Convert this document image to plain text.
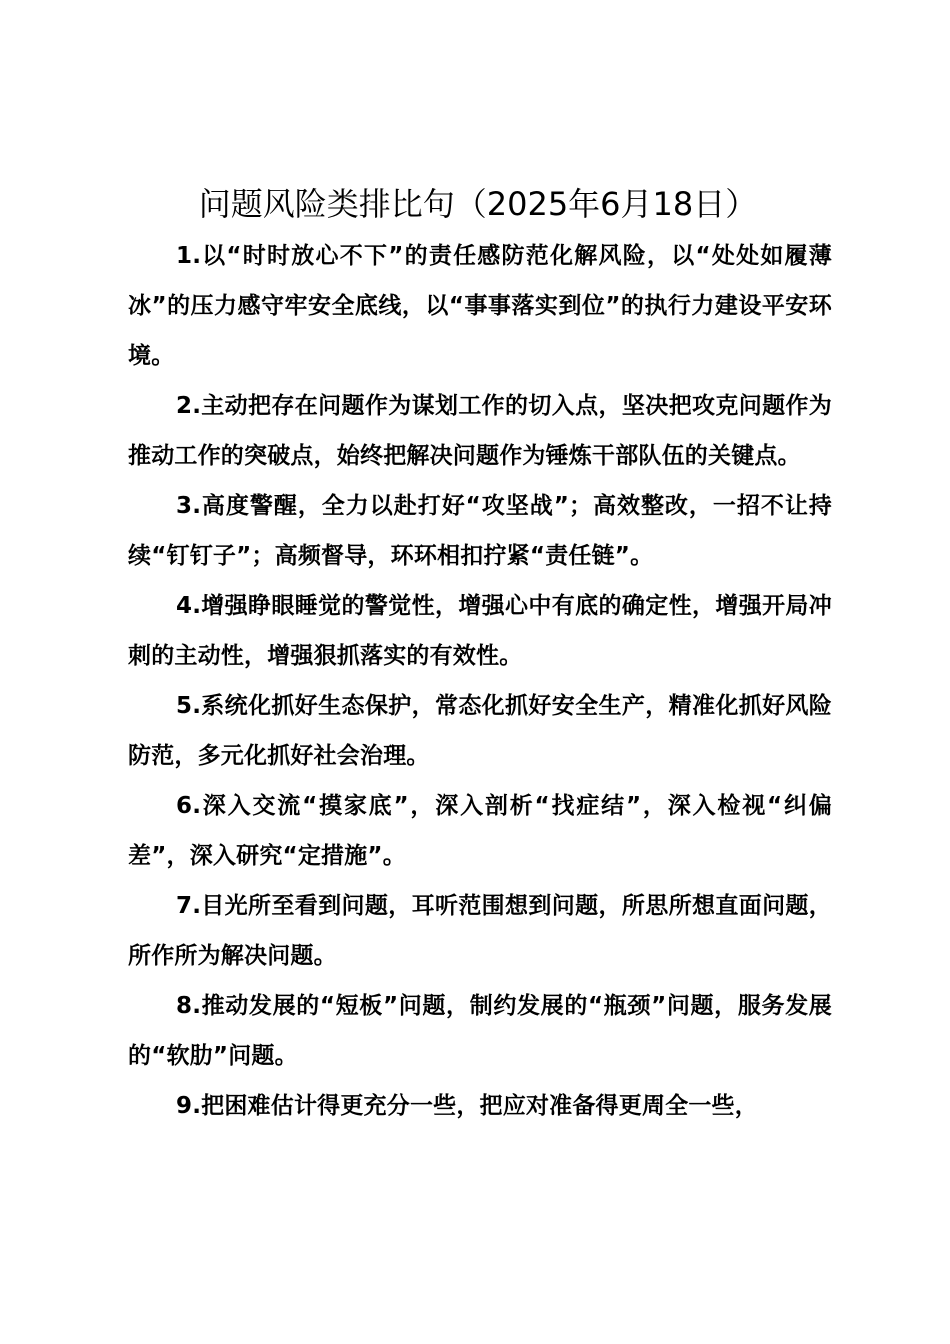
问题风险类排比句（2025年6月18日）

1.以“时时放心不下”的责任感防范化解风险，以“处处如履薄冰”的压力感守牢安全底线，以“事事落实到位”的执行力建设平安环境。

2.主动把存在问题作为谋划工作的切入点，坚决把攻克问题作为推动工作的突破点，始终把解决问题作为锤炼干部队伍的关键点。

3.高度警醒，全力以赴打好“攻坚战”；高效整改，一招不让持续“钉钉子”；高频督导，环环相扣拧紧“责任链”。

4.增强睁眼睡觉的警觉性，增强心中有底的确定性，增强开局冲刺的主动性，增强狠抓落实的有效性。

5.系统化抓好生态保护，常态化抓好安全生产，精准化抓好风险防范，多元化抓好社会治理。

6.深入交流“摸家底”，深入剖析“找症结”，深入检视“纠偏差”，深入研究“定措施”。

7.目光所至看到问题，耳听范围想到问题，所思所想直面问题，所作所为解决问题。

8.推动发展的“短板”问题，制约发展的“瓶颈”问题，服务发展的“软肋”问题。

9.把困难估计得更充分一些，把应对准备得更周全一些，
